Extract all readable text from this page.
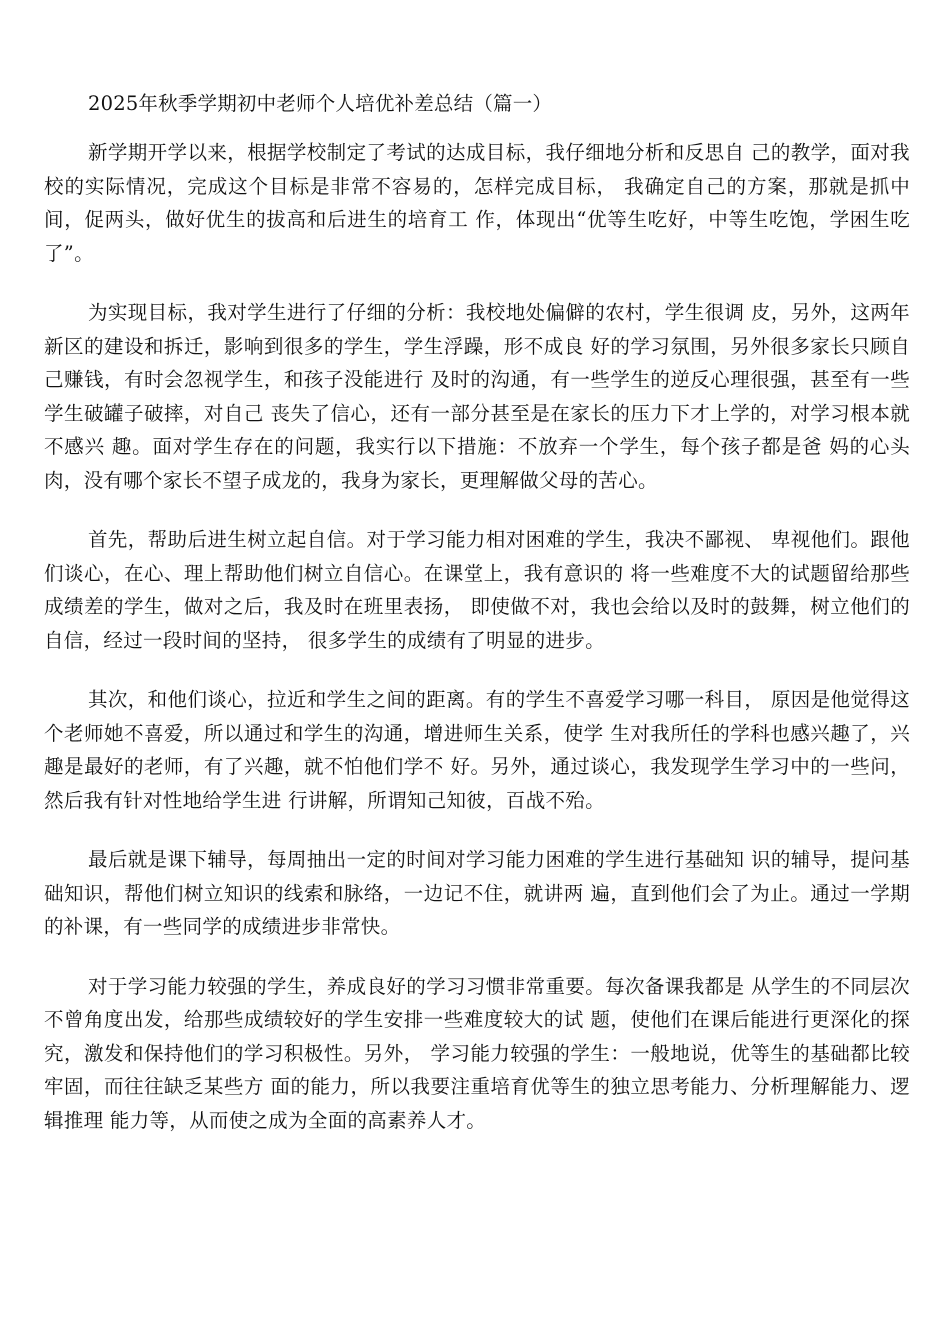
2025年秋季学期初中老师个人培优补差总结（篇一）

新学期开学以来，根据学校制定了考试的达成目标，我仔细地分析和反思自 己的教学，面对我校的实际情况，完成这个目标是非常不容易的，怎样完成目标， 我确定自己的方案，那就是抓中间，促两头，做好优生的拔高和后进生的培育工 作，体现出“优等生吃好，中等生吃饱，学困生吃了”。

为实现目标，我对学生进行了仔细的分析：我校地处偏僻的农村，学生很调 皮，另外，这两年新区的建设和拆迁，影响到很多的学生，学生浮躁，形不成良 好的学习氛围，另外很多家长只顾自己赚钱，有时会忽视学生，和孩子没能进行 及时的沟通，有一些学生的逆反心理很强，甚至有一些学生破罐子破摔，对自己 丧失了信心，还有一部分甚至是在家长的压力下才上学的，对学习根本就不感兴 趣。面对学生存在的问题，我实行以下措施：不放弃一个学生，每个孩子都是爸 妈的心头肉，没有哪个家长不望子成龙的，我身为家长，更理解做父母的苦心。

首先，帮助后进生树立起自信。对于学习能力相对困难的学生，我决不鄙视、 卑视他们。跟他们谈心，在心、理上帮助他们树立自信心。在课堂上，我有意识的 将一些难度不大的试题留给那些成绩差的学生，做对之后，我及时在班里表扬， 即使做不对，我也会给以及时的鼓舞，树立他们的自信，经过一段时间的坚持， 很多学生的成绩有了明显的进步。

其次，和他们谈心，拉近和学生之间的距离。有的学生不喜爱学习哪一科目， 原因是他觉得这个老师她不喜爱，所以通过和学生的沟通，增进师生关系，使学 生对我所任的学科也感兴趣了，兴趣是最好的老师，有了兴趣，就不怕他们学不 好。另外，通过谈心，我发现学生学习中的一些问，然后我有针对性地给学生进 行讲解，所谓知己知彼，百战不殆。

最后就是课下辅导，每周抽出一定的时间对学习能力困难的学生进行基础知 识的辅导，提问基础知识，帮他们树立知识的线索和脉络，一边记不住，就讲两 遍，直到他们会了为止。通过一学期的补课，有一些同学的成绩进步非常快。

对于学习能力较强的学生，养成良好的学习习惯非常重要。每次备课我都是 从学生的不同层次不曾角度出发，给那些成绩较好的学生安排一些难度较大的试 题，使他们在课后能进行更深化的探究，激发和保持他们的学习积极性。另外， 学习能力较强的学生：一般地说，优等生的基础都比较牢固，而往往缺乏某些方 面的能力，所以我要注重培育优等生的独立思考能力、分析理解能力、逻辑推理 能力等，从而使之成为全面的高素养人才。
